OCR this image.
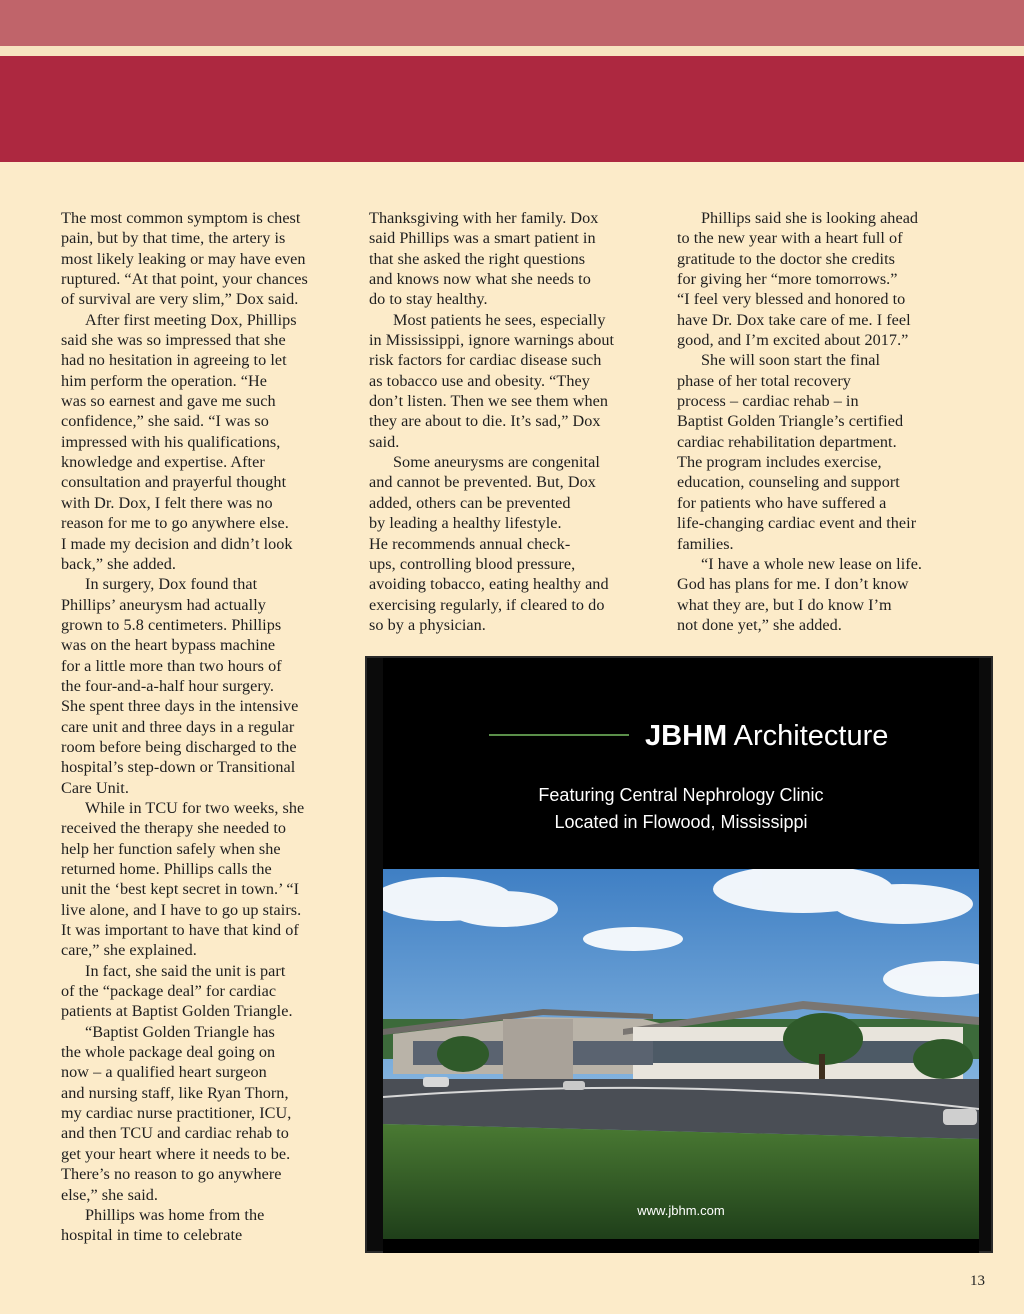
The most common symptom is chest

pain, but by that time, the artery is

most likely leaking or may have even

ruptured. “At that point, your chances

of survival are very slim,” Dox said.

After first meeting Dox, Phillips

said she was so impressed that she

had no hesitation in agreeing to let

him perform the operation. “He

was so earnest and gave me such

confidence,” she said. “I was so

impressed with his qualifications,

knowledge and expertise. After

consultation and prayerful thought

with Dr. Dox, I felt there was no

reason for me to go anywhere else.

I made my decision and didn’t look

back,” she added.

In surgery, Dox found that

Phillips’ aneurysm had actually

grown to 5.8 centimeters. Phillips

was on the heart bypass machine

for a little more than two hours of

the four-and-a-half hour surgery.

She spent three days in the intensive

care unit and three days in a regular

room before being discharged to the

hospital’s step-down or Transitional

Care Unit.

While in TCU for two weeks, she

received the therapy she needed to

help her function safely when she

returned home. Phillips calls the

unit the ‘best kept secret in town.’ “I

live alone, and I have to go up stairs.

It was important to have that kind of

care,” she explained.

In fact, she said the unit is part

of the “package deal” for cardiac

patients at Baptist Golden Triangle.

“Baptist Golden Triangle has

the whole package deal going on

now – a qualified heart surgeon

and nursing staff, like Ryan Thorn,

my cardiac nurse practitioner, ICU,

and then TCU and cardiac rehab to

get your heart where it needs to be.

There’s no reason to go anywhere

else,” she said.

Phillips was home from the

hospital in time to celebrate

Thanksgiving with her family. Dox

said Phillips was a smart patient in

that she asked the right questions

and knows now what she needs to

do to stay healthy.

Most patients he sees, especially

in Mississippi, ignore warnings about

risk factors for cardiac disease such

as tobacco use and obesity. “They

don’t listen. Then we see them when

they are about to die. It’s sad,” Dox

said.

Some aneurysms are congenital

and cannot be prevented. But, Dox

added, others can be prevented

by leading a healthy lifestyle.

He recommends annual check-

ups, controlling blood pressure,

avoiding tobacco, eating healthy and

exercising regularly, if cleared to do

so by a physician.

Phillips said she is looking ahead

to the new year with a heart full of

gratitude to the doctor she credits

for giving her “more tomorrows.”

“I feel very blessed and honored to

have Dr. Dox take care of me. I feel

good, and I’m excited about 2017.”

She will soon start the final

phase of her total recovery

process – cardiac rehab – in

Baptist Golden Triangle’s certified

cardiac rehabilitation department.

The program includes exercise,

education, counseling and support

for patients who have suffered a

life-changing cardiac event and their

families.

“I have a whole new lease on life.

God has plans for me. I don’t know

what they are, but I do know I’m

not done yet,” she added.

JBHM Architecture
Featuring Central Nephrology Clinic
Located in Flowood, Mississippi
www.jbhm.com
13
